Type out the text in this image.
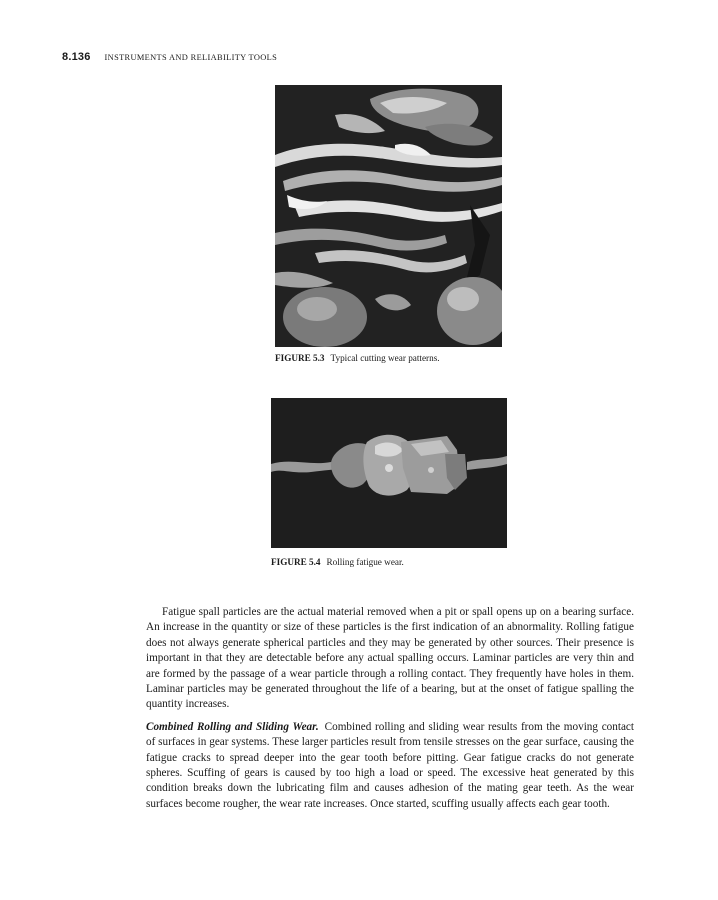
8.136 INSTRUMENTS AND RELIABILITY TOOLS
FIGURE 5.3 Typical cutting wear patterns.
FIGURE 5.4 Rolling fatigue wear.

Fatigue spall particles are the actual material removed when a pit or spall opens up on a bearing surface. An increase in the quantity or size of these particles is the first indication of an abnormality. Rolling fatigue does not always generate spherical particles and they may be generated by other sources. Their presence is important in that they are detectable before any actual spalling occurs. Laminar particles are very thin and are formed by the passage of a wear particle through a rolling contact. They frequently have holes in them. Laminar particles may be generated throughout the life of a bearing, but at the onset of fatigue spalling the quantity increases.

Combined Rolling and Sliding Wear. Combined rolling and sliding wear results from the moving contact of surfaces in gear systems. These larger particles result from tensile stresses on the gear surface, causing the fatigue cracks to spread deeper into the gear tooth before pitting. Gear fatigue cracks do not generate spheres. Scuffing of gears is caused by too high a load or speed. The excessive heat generated by this condition breaks down the lubricating film and causes adhesion of the mating gear teeth. As the wear surfaces become rougher, the wear rate increases. Once started, scuffing usually affects each gear tooth.
